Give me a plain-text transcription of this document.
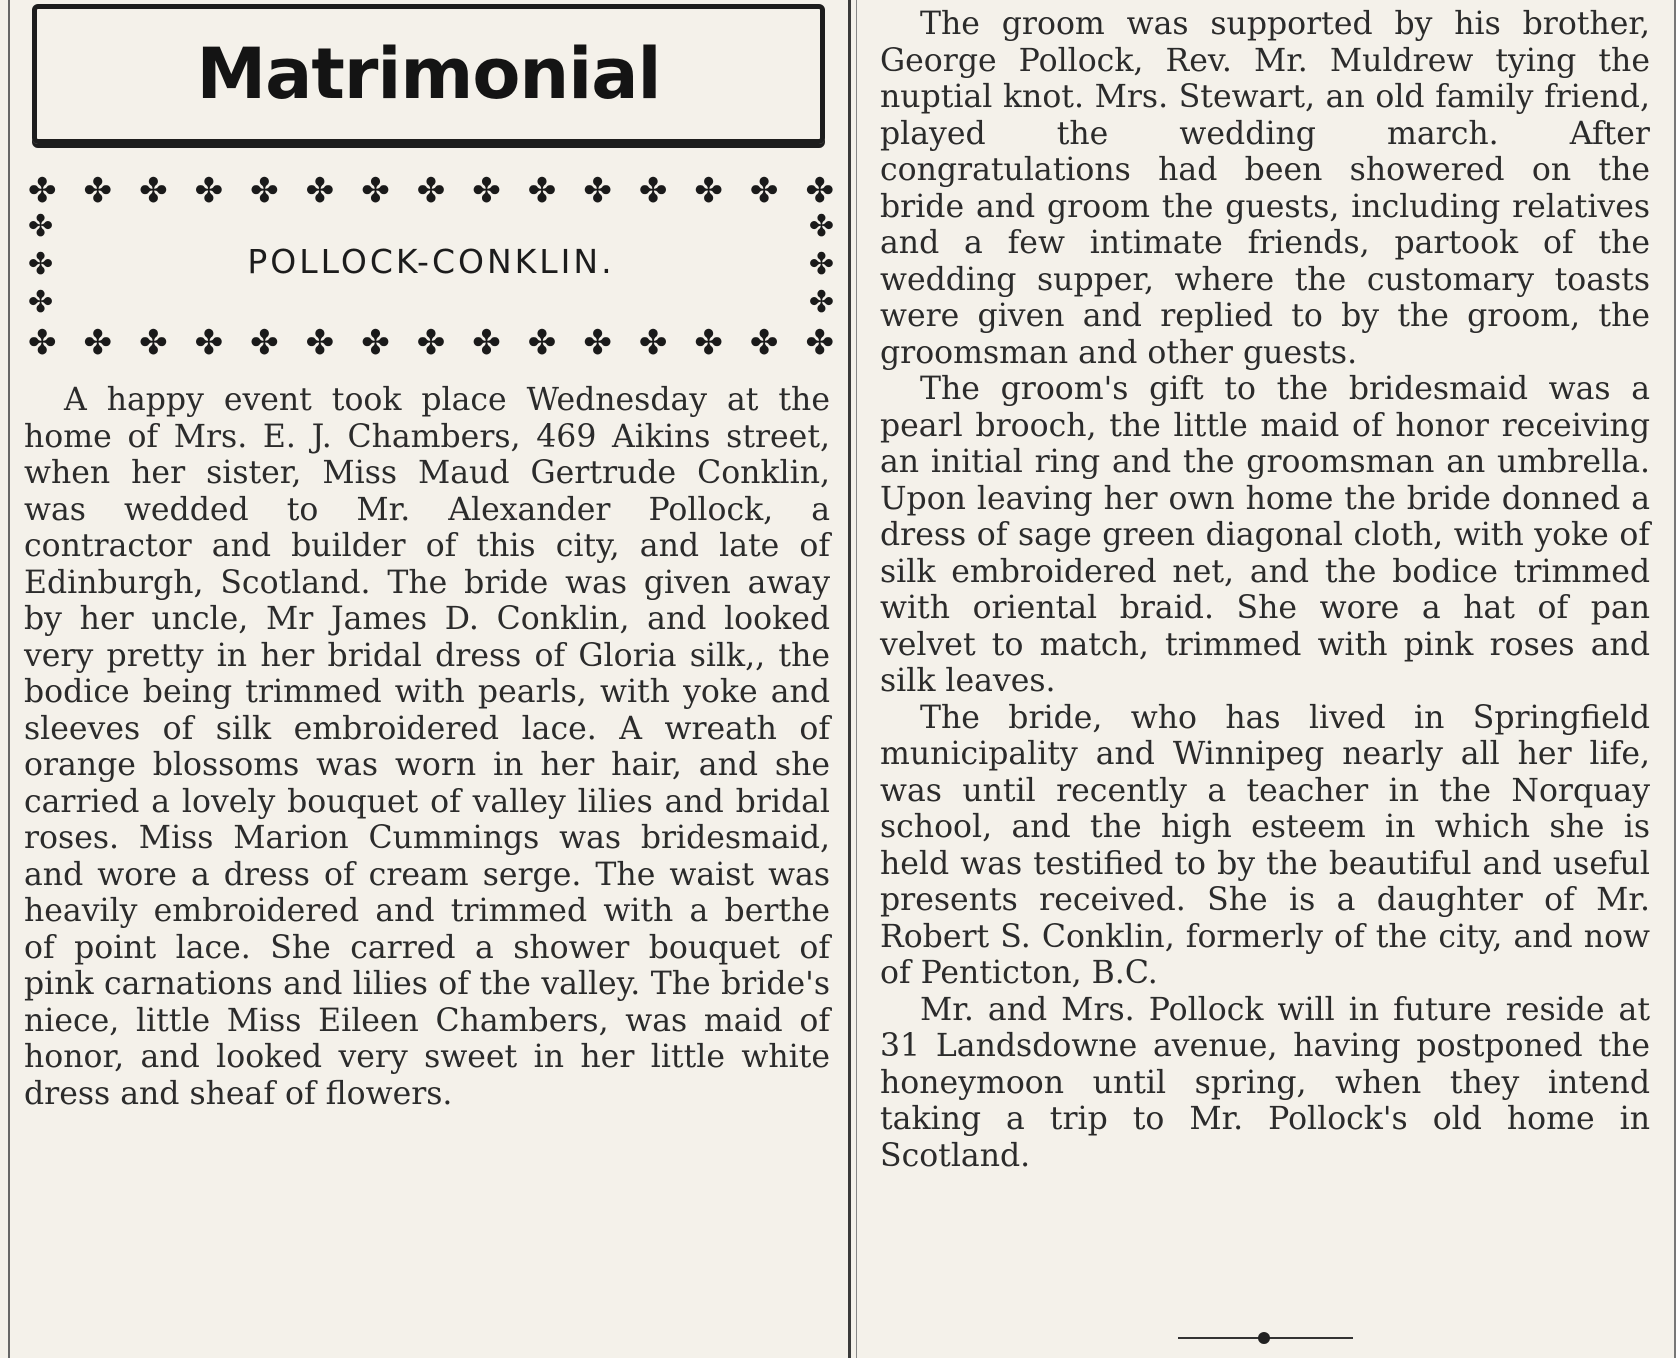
Matrimonial
✤ ✤ ✤ ✤ ✤ ✤ ✤ ✤ ✤ ✤ ✤ ✤ ✤ ✤ ✤
✤
✤
✤
POLLOCK-CONKLIN.
✤
✤
✤
✤ ✤ ✤ ✤ ✤ ✤ ✤ ✤ ✤ ✤ ✤ ✤ ✤ ✤ ✤

A happy event took place Wednesday at the home of Mrs. E. J. Chambers, 469 Aikins street, when her sister, Miss Maud Gertrude Conklin, was wedded to Mr. Alexander Pollock, a contractor and builder of this city, and late of Edinburgh, Scotland. The bride was given away by her uncle, Mr James D. Conklin, and looked very pretty in her bridal dress of Gloria silk,, the bodice being trimmed with pearls, with yoke and sleeves of silk embroidered lace. A wreath of orange blossoms was worn in her hair, and she carried a lovely bouquet of valley lilies and bridal roses. Miss Marion Cummings was bridesmaid, and wore a dress of cream serge. The waist was heavily embroidered and trimmed with a berthe of point lace. She carred a shower bouquet of pink carnations and lilies of the valley. The bride's niece, little Miss Eileen Chambers, was maid of honor, and looked very sweet in her little white dress and sheaf of flowers.

The groom was supported by his brother, George Pollock, Rev. Mr. Muldrew tying the nuptial knot. Mrs. Stewart, an old family friend, played the wedding march. After congratulations had been showered on the bride and groom the guests, including relatives and a few intimate friends, partook of the wedding supper, where the customary toasts were given and replied to by the groom, the groomsman and other guests.

The groom's gift to the bridesmaid was a pearl brooch, the little maid of honor receiving an initial ring and the groomsman an umbrella. Upon leaving her own home the bride donned a dress of sage green diagonal cloth, with yoke of silk embroidered net, and the bodice trimmed with oriental braid. She wore a hat of pan velvet to match, trimmed with pink roses and silk leaves.

The bride, who has lived in Springfield municipality and Winnipeg nearly all her life, was until recently a teacher in the Norquay school, and the high esteem in which she is held was testified to by the beautiful and useful presents received. She is a daughter of Mr. Robert S. Conklin, formerly of the city, and now of Penticton, B.C.

Mr. and Mrs. Pollock will in future reside at 31 Landsdowne avenue, having postponed the honeymoon until spring, when they intend taking a trip to Mr. Pollock's old home in Scotland.
